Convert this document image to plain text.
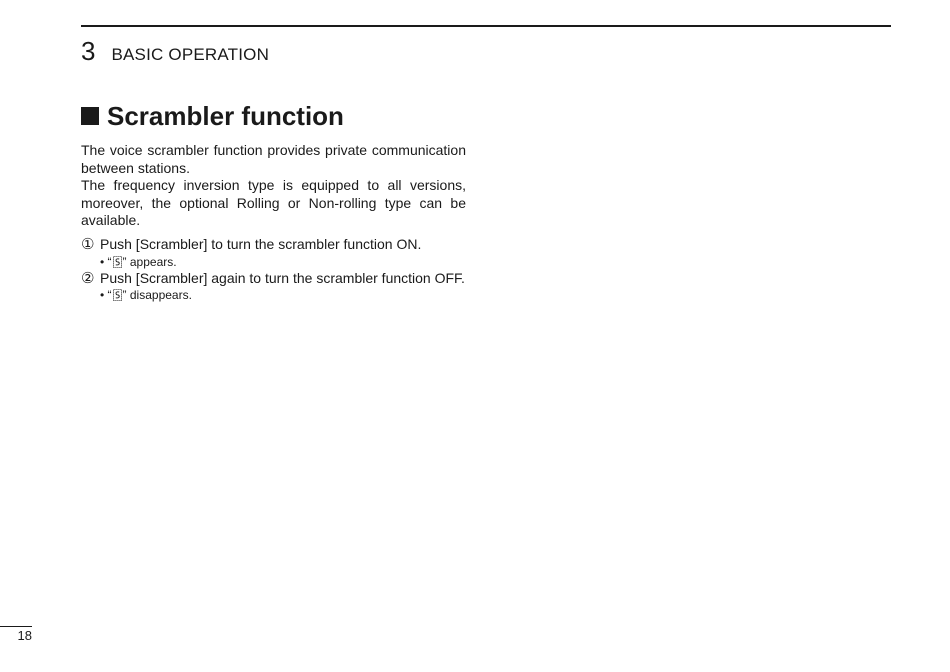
3 BASIC OPERATION
Scrambler function

The voice scrambler function provides private communication between stations.

The frequency inversion type is equipped to all versions, moreover, the optional Rolling or Non-rolling type can be available.

① Push [Scrambler] to turn the scrambler function ON.
•
“ ” appears.
② Push [Scrambler] again to turn the scrambler function OFF.
•
“ ” disappears.
18
